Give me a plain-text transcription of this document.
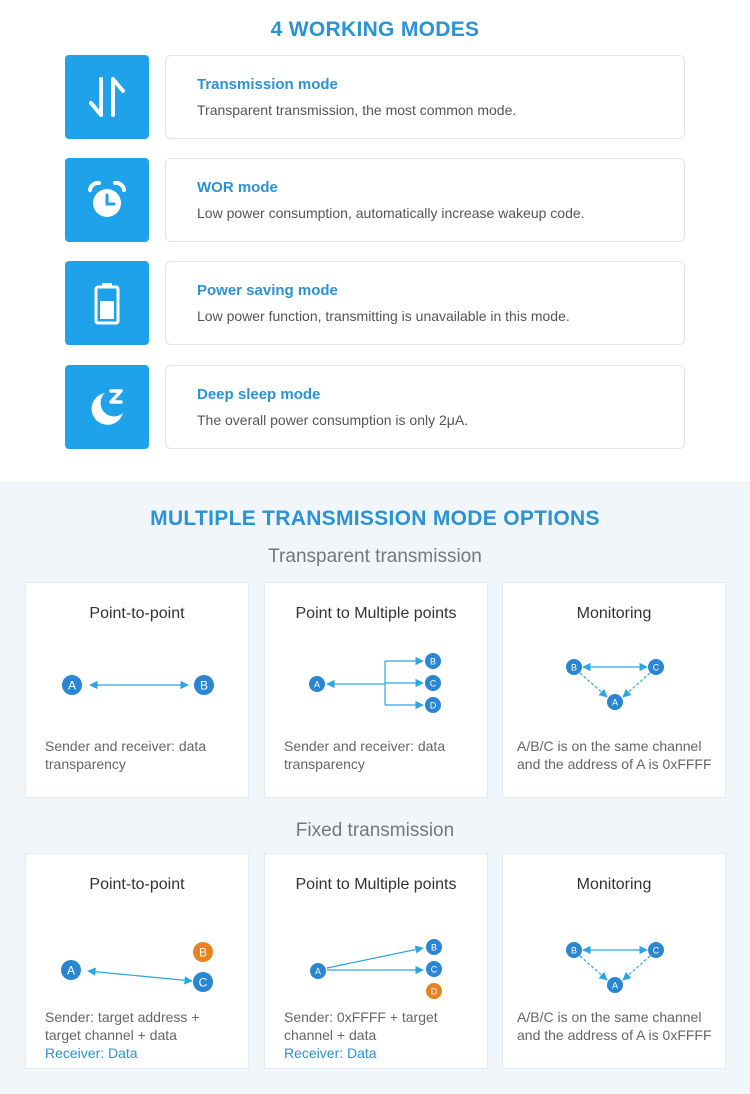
4 WORKING MODES
Transmission mode
Transparent transmission, the most common mode.
WOR mode
Low power consumption, automatically increase wakeup code.
Power saving mode
Low power function, transmitting is unavailable in this mode.
Deep sleep mode
The overall power consumption is only 2μA.
MULTIPLE TRANSMISSION MODE OPTIONS
Transparent transmission
Point-to-point
A	B
Sender and receiver: data
transparency
Point to Multiple points
A
B
C
D
Sender and receiver: data
transparency
Monitoring
B	C
A
A/B/C is on the same channel
and the address of A is 0xFFFF
Fixed transmission
Point-to-point
A
B
C
Sender: target address +
target channel + data
Receiver: Data
Point to Multiple points
A
B
C
D
Sender: 0xFFFF + target
channel + data
Receiver: Data
Monitoring
B	C
A
A/B/C is on the same channel
and the address of A is 0xFFFF
